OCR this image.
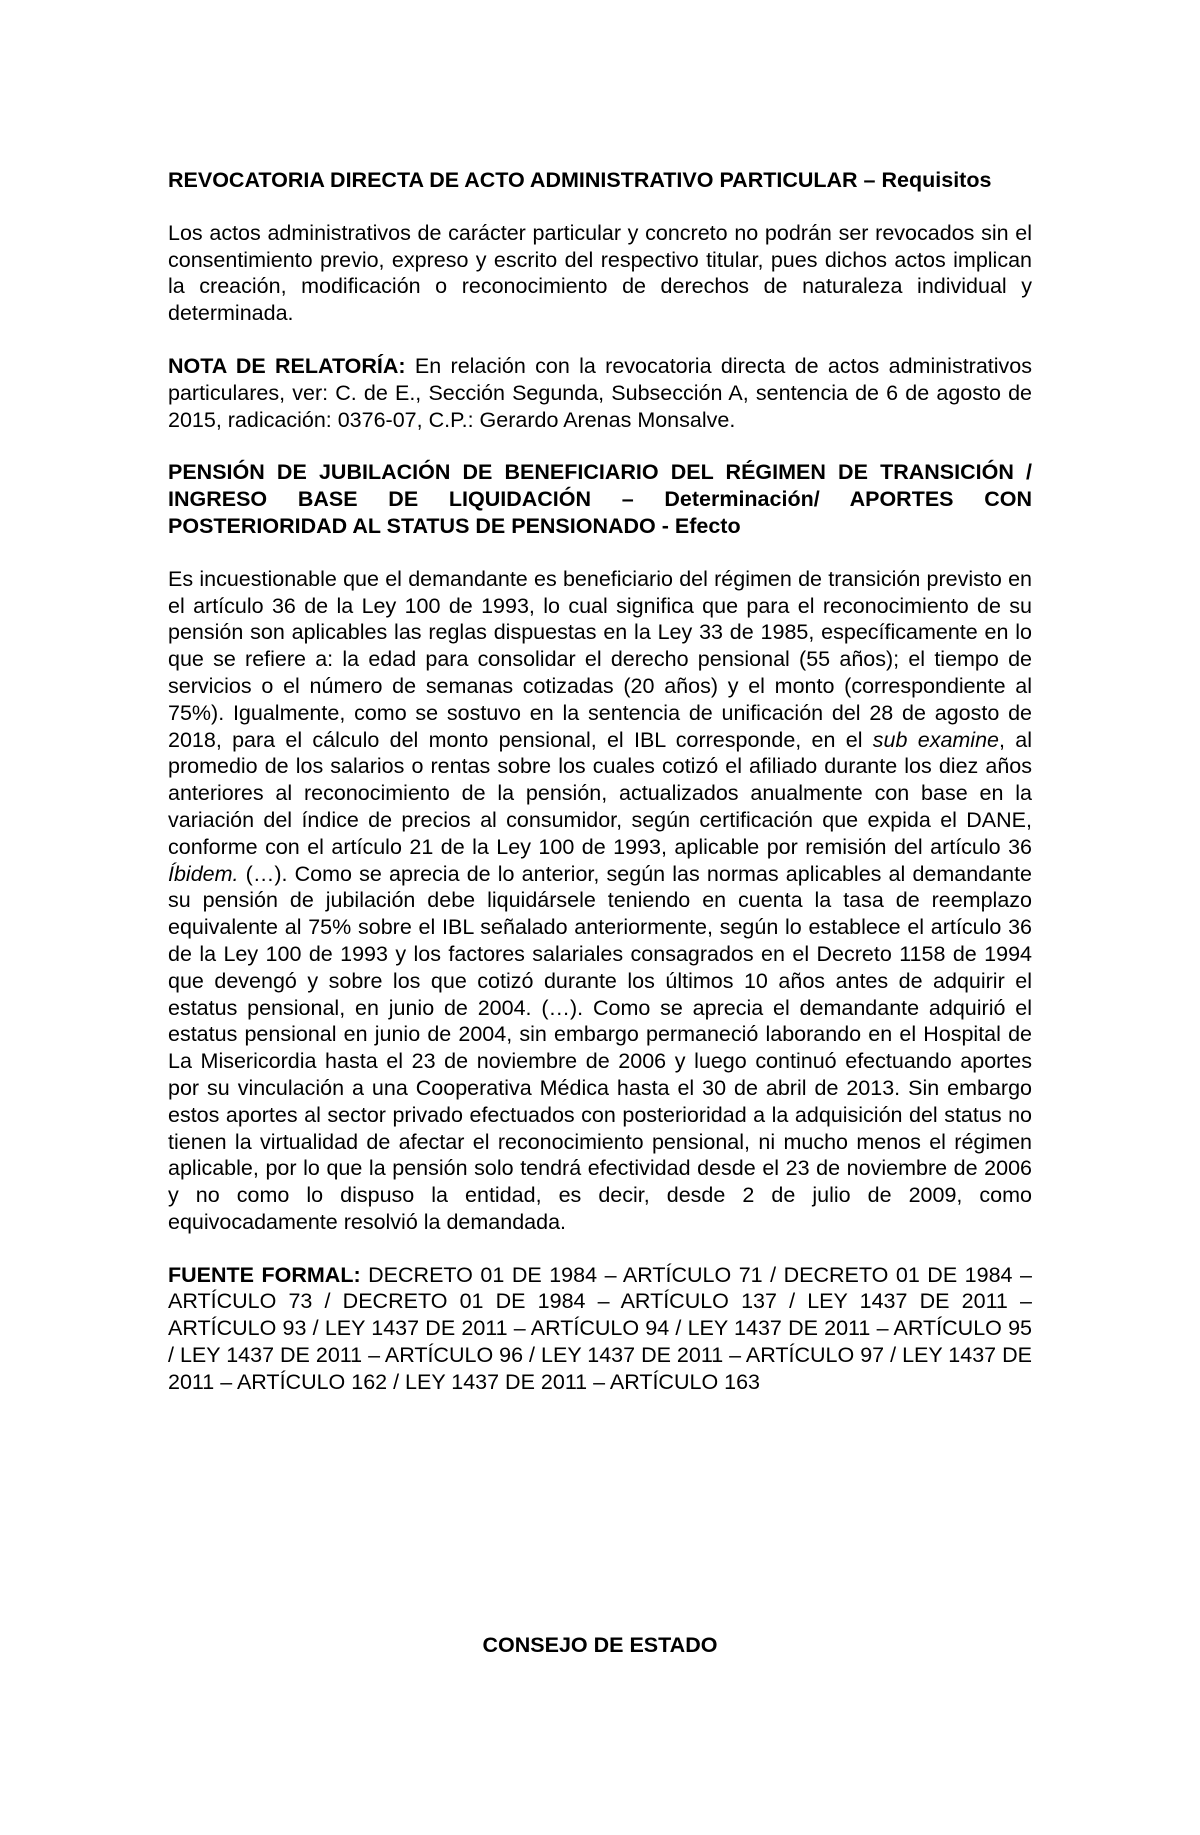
REVOCATORIA DIRECTA DE ACTO ADMINISTRATIVO PARTICULAR – Requisitos

Los actos administrativos de carácter particular y concreto no podrán ser revocados sin el consentimiento previo, expreso y escrito del respectivo titular, pues dichos actos implican la creación, modificación o reconocimiento de derechos de naturaleza individual y determinada.

NOTA DE RELATORÍA: En relación con la revocatoria directa de actos administrativos particulares, ver: C. de E., Sección Segunda, Subsección A, sentencia de 6 de agosto de 2015, radicación: 0376-07, C.P.: Gerardo Arenas Monsalve.

PENSIÓN DE JUBILACIÓN DE BENEFICIARIO DEL RÉGIMEN DE TRANSICIÓN / INGRESO BASE DE LIQUIDACIÓN – Determinación/ APORTES CON POSTERIORIDAD AL STATUS DE PENSIONADO - Efecto

Es incuestionable que el demandante es beneficiario del régimen de transición previsto en el artículo 36 de la Ley 100 de 1993, lo cual significa que para el reconocimiento de su pensión son aplicables las reglas dispuestas en la Ley 33 de 1985, específicamente en lo que se refiere a: la edad para consolidar el derecho pensional (55 años); el tiempo de servicios o el número de semanas cotizadas (20 años) y el monto (correspondiente al 75%). Igualmente, como se sostuvo en la sentencia de unificación del 28 de agosto de 2018, para el cálculo del monto pensional, el IBL corresponde, en el sub examine, al promedio de los salarios o rentas sobre los cuales cotizó el afiliado durante los diez años anteriores al reconocimiento de la pensión, actualizados anualmente con base en la variación del índice de precios al consumidor, según certificación que expida el DANE, conforme con el artículo 21 de la Ley 100 de 1993, aplicable por remisión del artículo 36 Íbidem. (…). Como se aprecia de lo anterior, según las normas aplicables al demandante su pensión de jubilación debe liquidársele teniendo en cuenta la tasa de reemplazo equivalente al 75% sobre el IBL señalado anteriormente, según lo establece el artículo 36 de la Ley 100 de 1993 y los factores salariales consagrados en el Decreto 1158 de 1994 que devengó y sobre los que cotizó durante los últimos 10 años antes de adquirir el estatus pensional, en junio de 2004. (…). Como se aprecia el demandante adquirió el estatus pensional en junio de 2004, sin embargo permaneció laborando en el Hospital de La Misericordia hasta el 23 de noviembre de 2006 y luego continuó efectuando aportes por su vinculación a una Cooperativa Médica hasta el 30 de abril de 2013. Sin embargo estos aportes al sector privado efectuados con posterioridad a la adquisición del status no tienen la virtualidad de afectar el reconocimiento pensional, ni mucho menos el régimen aplicable, por lo que la pensión solo tendrá efectividad desde el 23 de noviembre de 2006 y no como lo dispuso la entidad, es decir, desde 2 de julio de 2009, como equivocadamente resolvió la demandada.

FUENTE FORMAL: DECRETO 01 DE 1984 – ARTÍCULO 71 / DECRETO 01 DE 1984 – ARTÍCULO 73 / DECRETO 01 DE 1984 – ARTÍCULO 137 / LEY 1437 DE 2011 – ARTÍCULO 93 / LEY 1437 DE 2011 – ARTÍCULO 94 / LEY 1437 DE 2011 – ARTÍCULO 95 / LEY 1437 DE 2011 – ARTÍCULO 96 / LEY 1437 DE 2011 – ARTÍCULO 97 / LEY 1437 DE 2011 – ARTÍCULO 162 / LEY 1437 DE 2011 – ARTÍCULO 163

CONSEJO DE ESTADO
